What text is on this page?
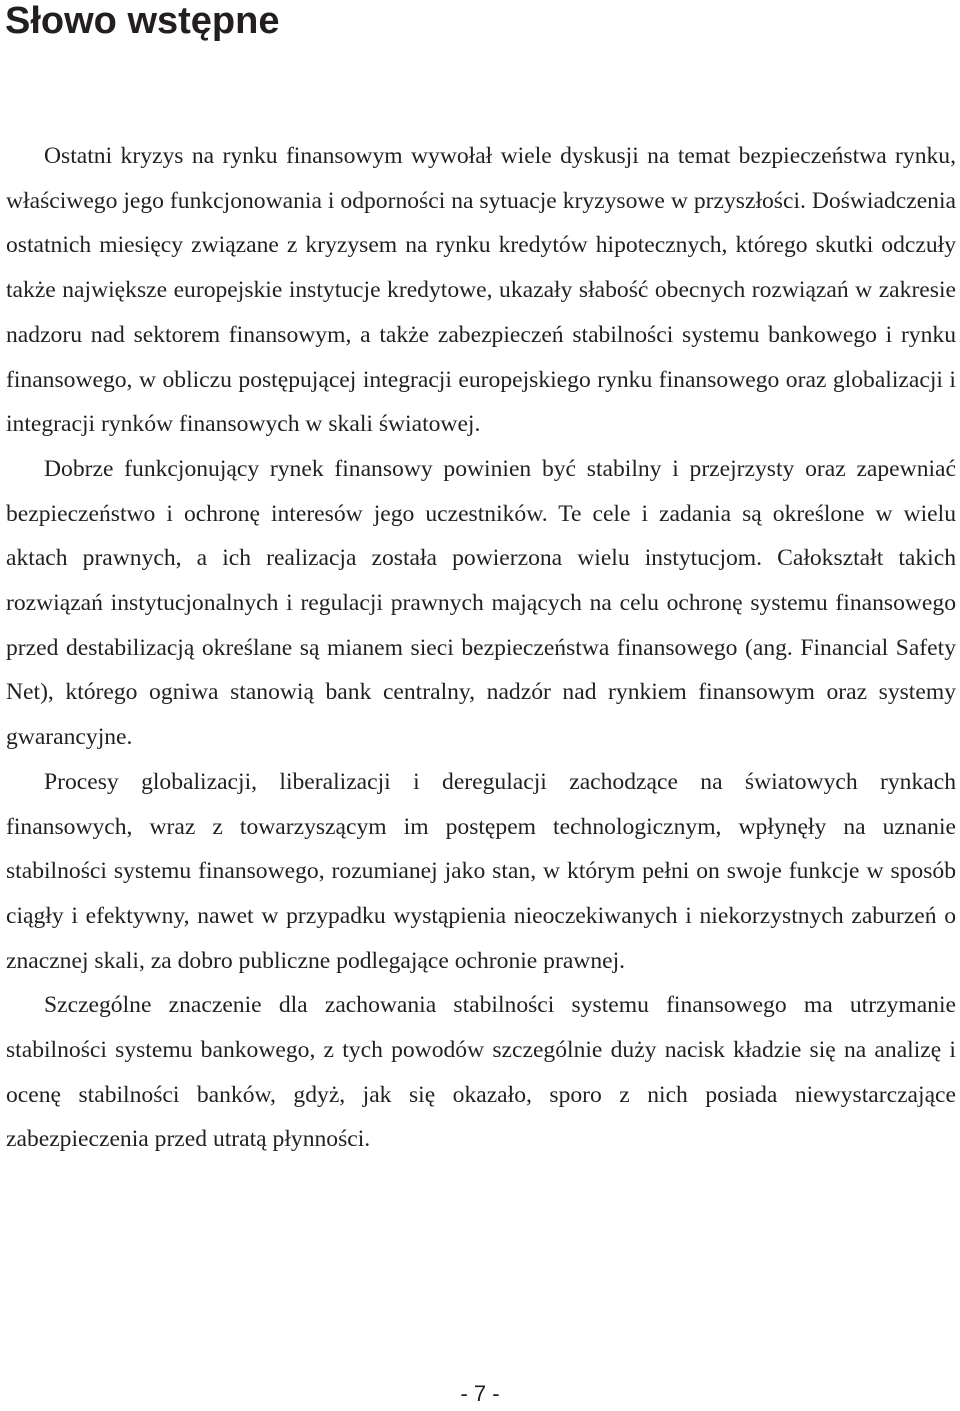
Słowo wstępne

Ostatni kryzys na rynku finansowym wywołał wiele dyskusji na temat bezpieczeństwa rynku, właściwego jego funkcjonowania i odporności na sytuacje kryzysowe w przyszłości. Doświadczenia ostatnich miesięcy związane z kryzysem na rynku kredytów hipotecznych, którego skutki odczuły także największe europejskie instytucje kredytowe, ukazały słabość obecnych rozwiązań w zakresie nadzoru nad sektorem finansowym, a także zabezpieczeń stabilności systemu bankowego i rynku finansowego, w obliczu postępującej integracji europejskiego rynku finansowego oraz globalizacji i integracji rynków finansowych w skali światowej.

Dobrze funkcjonujący rynek finansowy powinien być stabilny i przejrzysty oraz zapewniać bezpieczeństwo i ochronę interesów jego uczestników. Te cele i zadania są określone w wielu aktach prawnych, a ich realizacja została powierzona wielu instytucjom. Całokształt takich rozwiązań instytucjonalnych i regulacji prawnych mających na celu ochronę systemu finansowego przed destabilizacją określane są mianem sieci bezpieczeństwa finansowego (ang. Financial Safety Net), którego ogniwa stanowią bank centralny, nadzór nad rynkiem finansowym oraz systemy gwarancyjne.

Procesy globalizacji, liberalizacji i deregulacji zachodzące na światowych rynkach finansowych, wraz z towarzyszącym im postępem technologicznym, wpłynęły na uznanie stabilności systemu finansowego, rozumianej jako stan, w którym pełni on swoje funkcje w sposób ciągły i efektywny, nawet w przypadku wystąpienia nieoczekiwanych i niekorzystnych zaburzeń o znacznej skali, za dobro publiczne podlegające ochronie prawnej.

Szczególne znaczenie dla zachowania stabilności systemu finansowego ma utrzymanie stabilności systemu bankowego, z tych powodów szczególnie duży nacisk kładzie się na analizę i ocenę stabilności banków, gdyż, jak się okazało, sporo z nich posiada niewystarczające zabezpieczenia przed utratą płynności.

- 7 -
